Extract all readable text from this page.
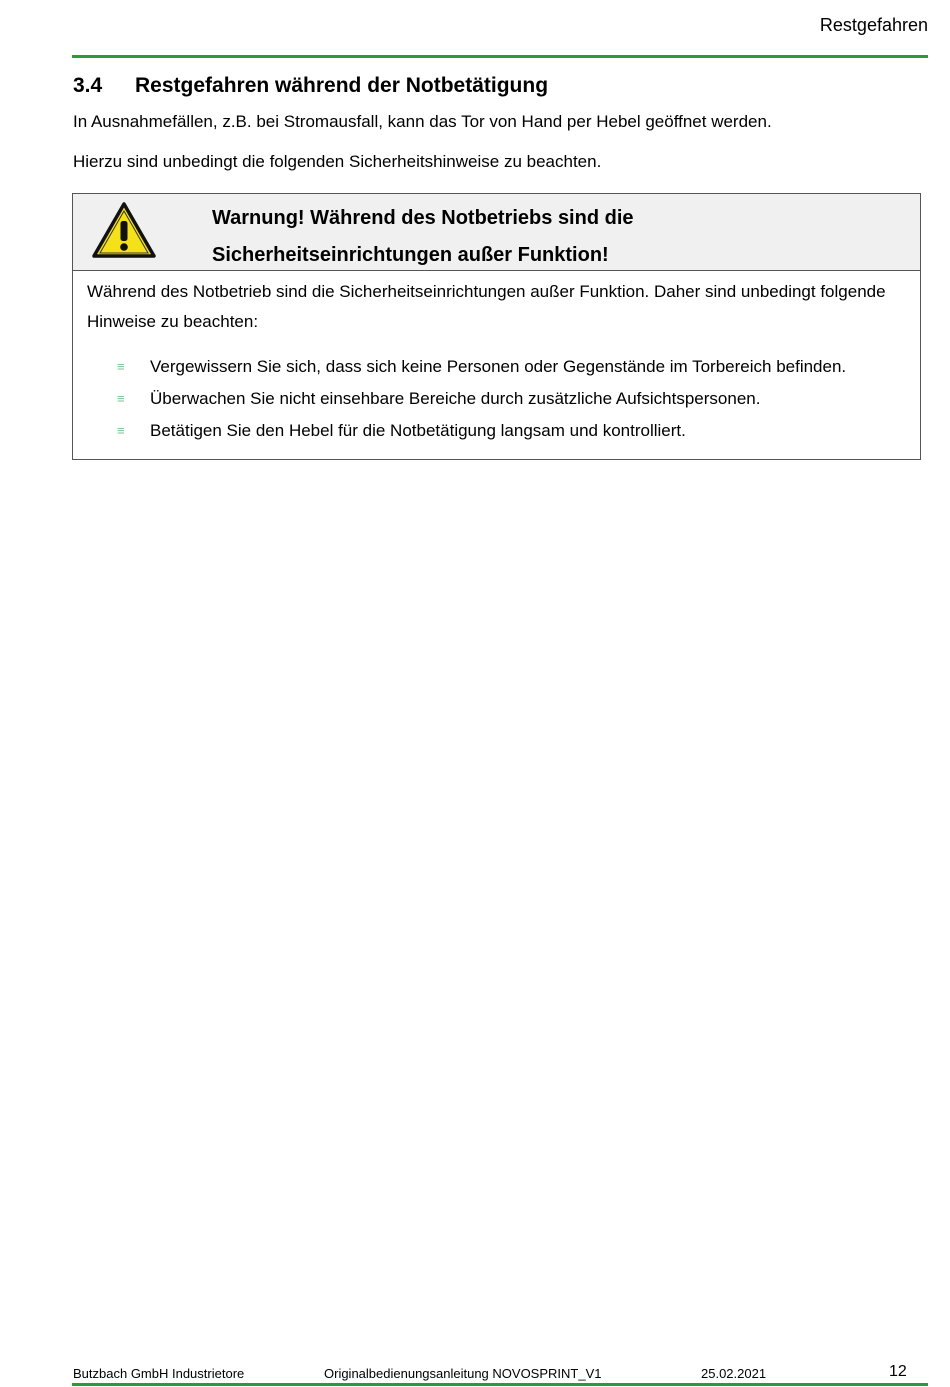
Restgefahren
3.4 Restgefahren während der Notbetätigung
In Ausnahmefällen, z.B. bei Stromausfall, kann das Tor von Hand per Hebel geöffnet werden.
Hierzu sind unbedingt die folgenden Sicherheitshinweise zu beachten.
Warnung! Während des Notbetriebs sind die
Sicherheitseinrichtungen außer Funktion!
Während des Notbetrieb sind die Sicherheitseinrichtungen außer Funktion. Daher sind unbedingt folgende Hinweise zu beachten:
≡ Vergewissern Sie sich, dass sich keine Personen oder Gegenstände im Torbereich befinden.
≡ Überwachen Sie nicht einsehbare Bereiche durch zusätzliche Aufsichtspersonen.
≡ Betätigen Sie den Hebel für die Notbetätigung langsam und kontrolliert.
Butzbach GmbH Industrietore	Originalbedienungsanleitung NOVOSPRINT_V1	25.02.2021	12
